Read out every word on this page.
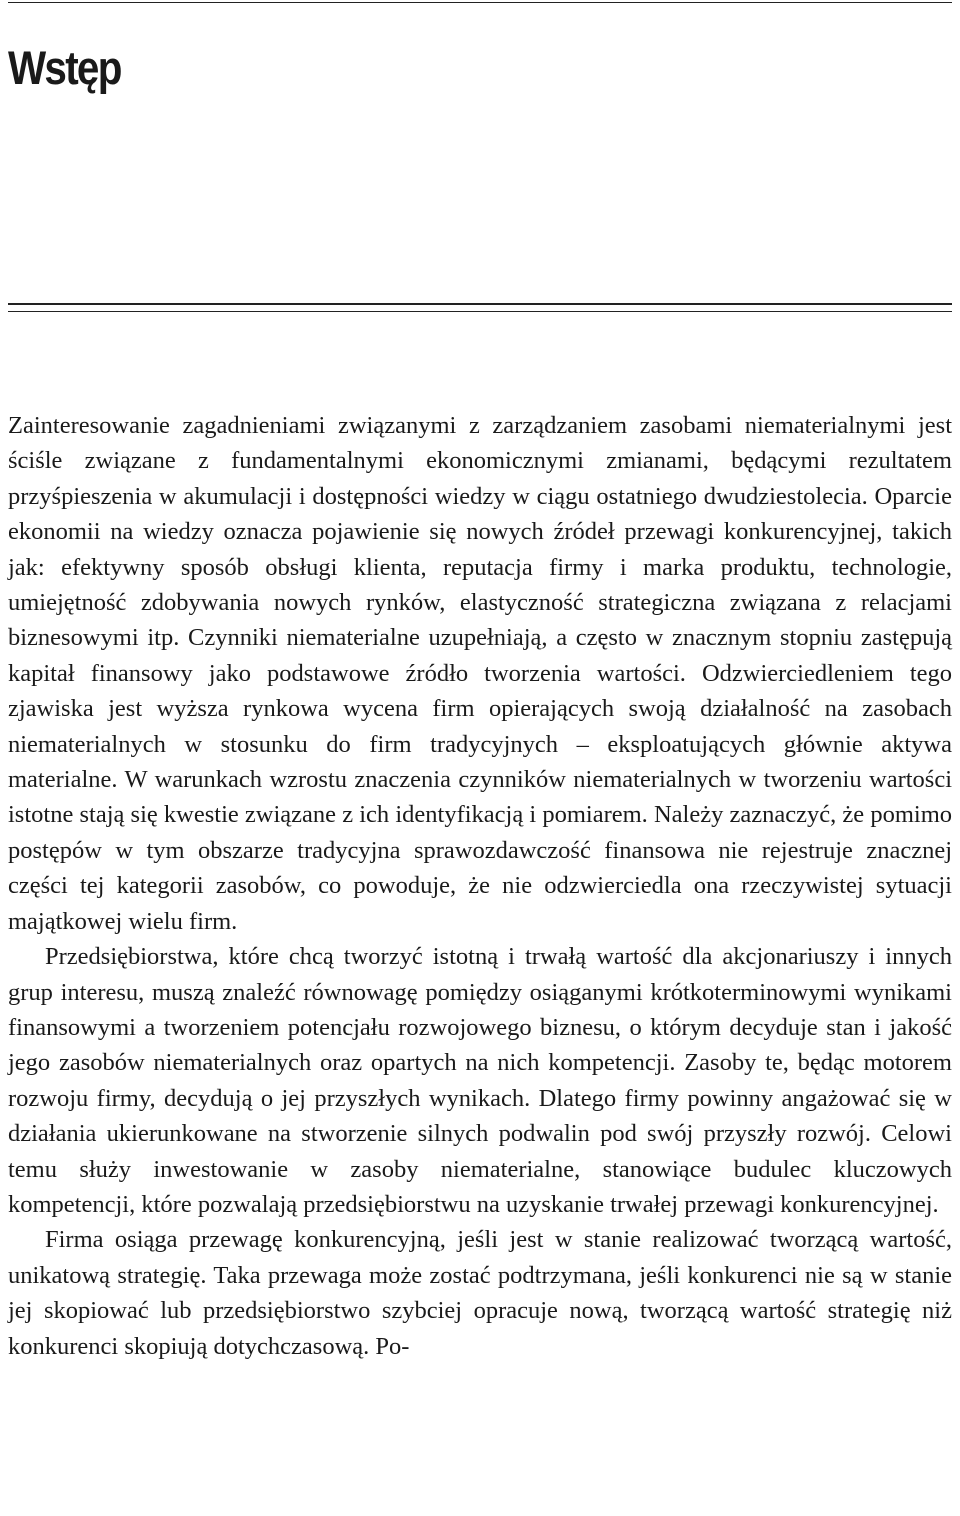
Wstęp

Zainteresowanie zagadnieniami związanymi z zarządzaniem zasobami niematerialnymi jest ściśle związane z fundamentalnymi ekonomicznymi zmianami, będącymi rezultatem przyśpieszenia w akumulacji i dostępności wiedzy w ciągu ostatniego dwudziestolecia. Oparcie ekonomii na wiedzy oznacza pojawienie się nowych źródeł przewagi konkurencyjnej, takich jak: efektywny sposób obsługi klienta, reputacja firmy i marka produktu, technologie, umiejętność zdobywania nowych rynków, elastyczność strategiczna związana z relacjami biznesowymi itp. Czynniki niematerialne uzupełniają, a często w znacznym stopniu zastępują kapitał finansowy jako podstawowe źródło tworzenia wartości. Odzwierciedleniem tego zjawiska jest wyższa rynkowa wycena firm opierających swoją działalność na zasobach niematerialnych w stosunku do firm tradycyjnych – eksploatujących głównie aktywa materialne. W warunkach wzrostu znaczenia czynników niematerialnych w tworzeniu wartości istotne stają się kwestie związane z ich identyfikacją i pomiarem. Należy zaznaczyć, że pomimo postępów w tym obszarze tradycyjna sprawozdawczość finansowa nie rejestruje znacznej części tej kategorii zasobów, co powoduje, że nie odzwierciedla ona rzeczywistej sytuacji majątkowej wielu firm.

Przedsiębiorstwa, które chcą tworzyć istotną i trwałą wartość dla akcjonariuszy i innych grup interesu, muszą znaleźć równowagę pomiędzy osiąganymi krótkoterminowymi wynikami finansowymi a tworzeniem potencjału rozwojowego biznesu, o którym decyduje stan i jakość jego zasobów niematerialnych oraz opartych na nich kompetencji. Zasoby te, będąc motorem rozwoju firmy, decydują o jej przyszłych wynikach. Dlatego firmy powinny angażować się w działania ukierunkowane na stworzenie silnych podwalin pod swój przyszły rozwój. Celowi temu służy inwestowanie w zasoby niematerialne, stanowiące budulec kluczowych kompetencji, które pozwalają przedsiębiorstwu na uzyskanie trwałej przewagi konkurencyjnej.

Firma osiąga przewagę konkurencyjną, jeśli jest w stanie realizować tworzącą wartość, unikatową strategię. Taka przewaga może zostać podtrzymana, jeśli konkurenci nie są w stanie jej skopiować lub przedsiębiorstwo szybciej opracuje nową, tworzącą wartość strategię niż konkurenci skopiują dotychczasową. Po-
